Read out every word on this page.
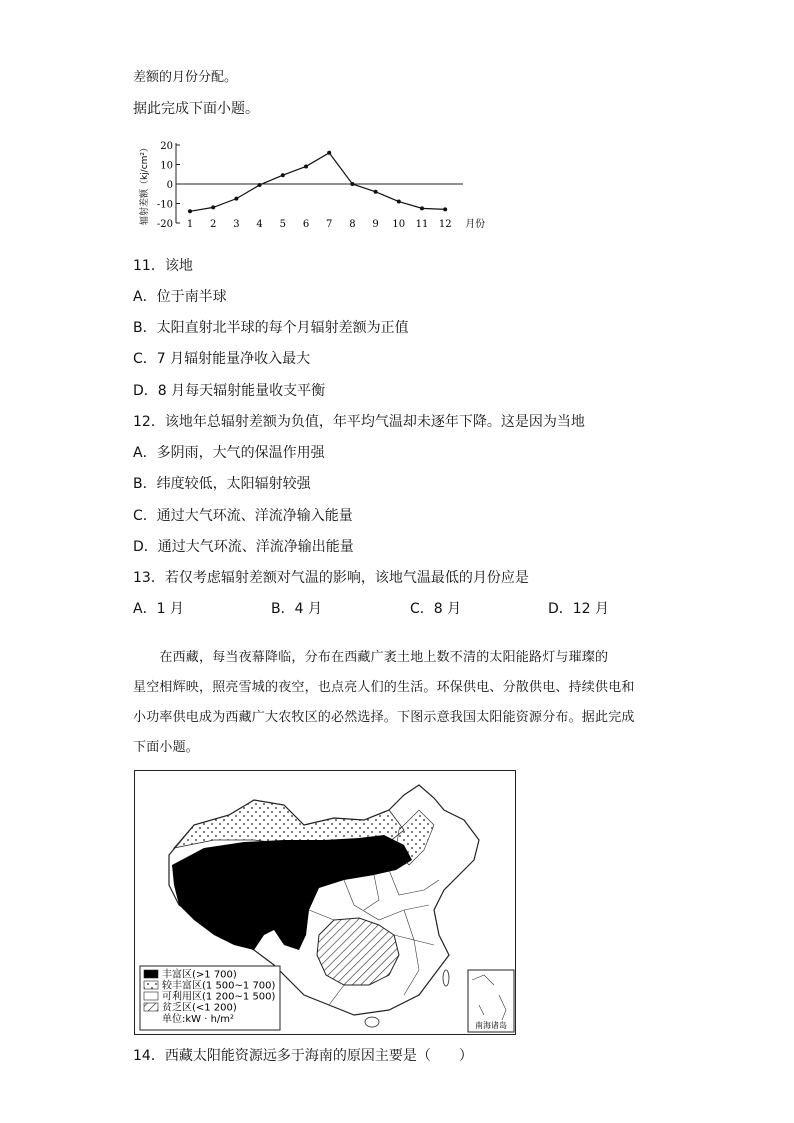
差额的月份分配。
据此完成下面小题。
20
10
0
-10
-20
辐射差额（kj/cm²）	1 2 3 4 5 6 7 8 9 10 11 12 月份
11．该地
A．位于南半球
B．太阳直射北半球的每个月辐射差额为正值
C．7 月辐射能量净收入最大
D．8 月每天辐射能量收支平衡
12．该地年总辐射差额为负值，年平均气温却未逐年下降。这是因为当地
A．多阴雨，大气的保温作用强
B．纬度较低，太阳辐射较强
C．通过大气环流、洋流净输入能量
D．通过大气环流、洋流净输出能量
13．若仅考虑辐射差额对气温的影响，该地气温最低的月份应是
A．1 月	B．4 月	C．8 月	D．12 月
　　在西藏，每当夜幕降临，分布在西藏广袤土地上数不清的太阳能路灯与璀璨的
星空相辉映，照亮雪城的夜空，也点亮人们的生活。环保供电、分散供电、持续供电和
小功率供电成为西藏广大农牧区的必然选择。下图示意我国太阳能资源分布。据此完成
下面小题。
南海诸岛
丰富区(>1 700)
较丰富区(1 500~1 700)
可利用区(1 200~1 500)
贫乏区(<1 200)
单位:kW · h/m²
14．西藏太阳能资源远多于海南的原因主要是（　　）
